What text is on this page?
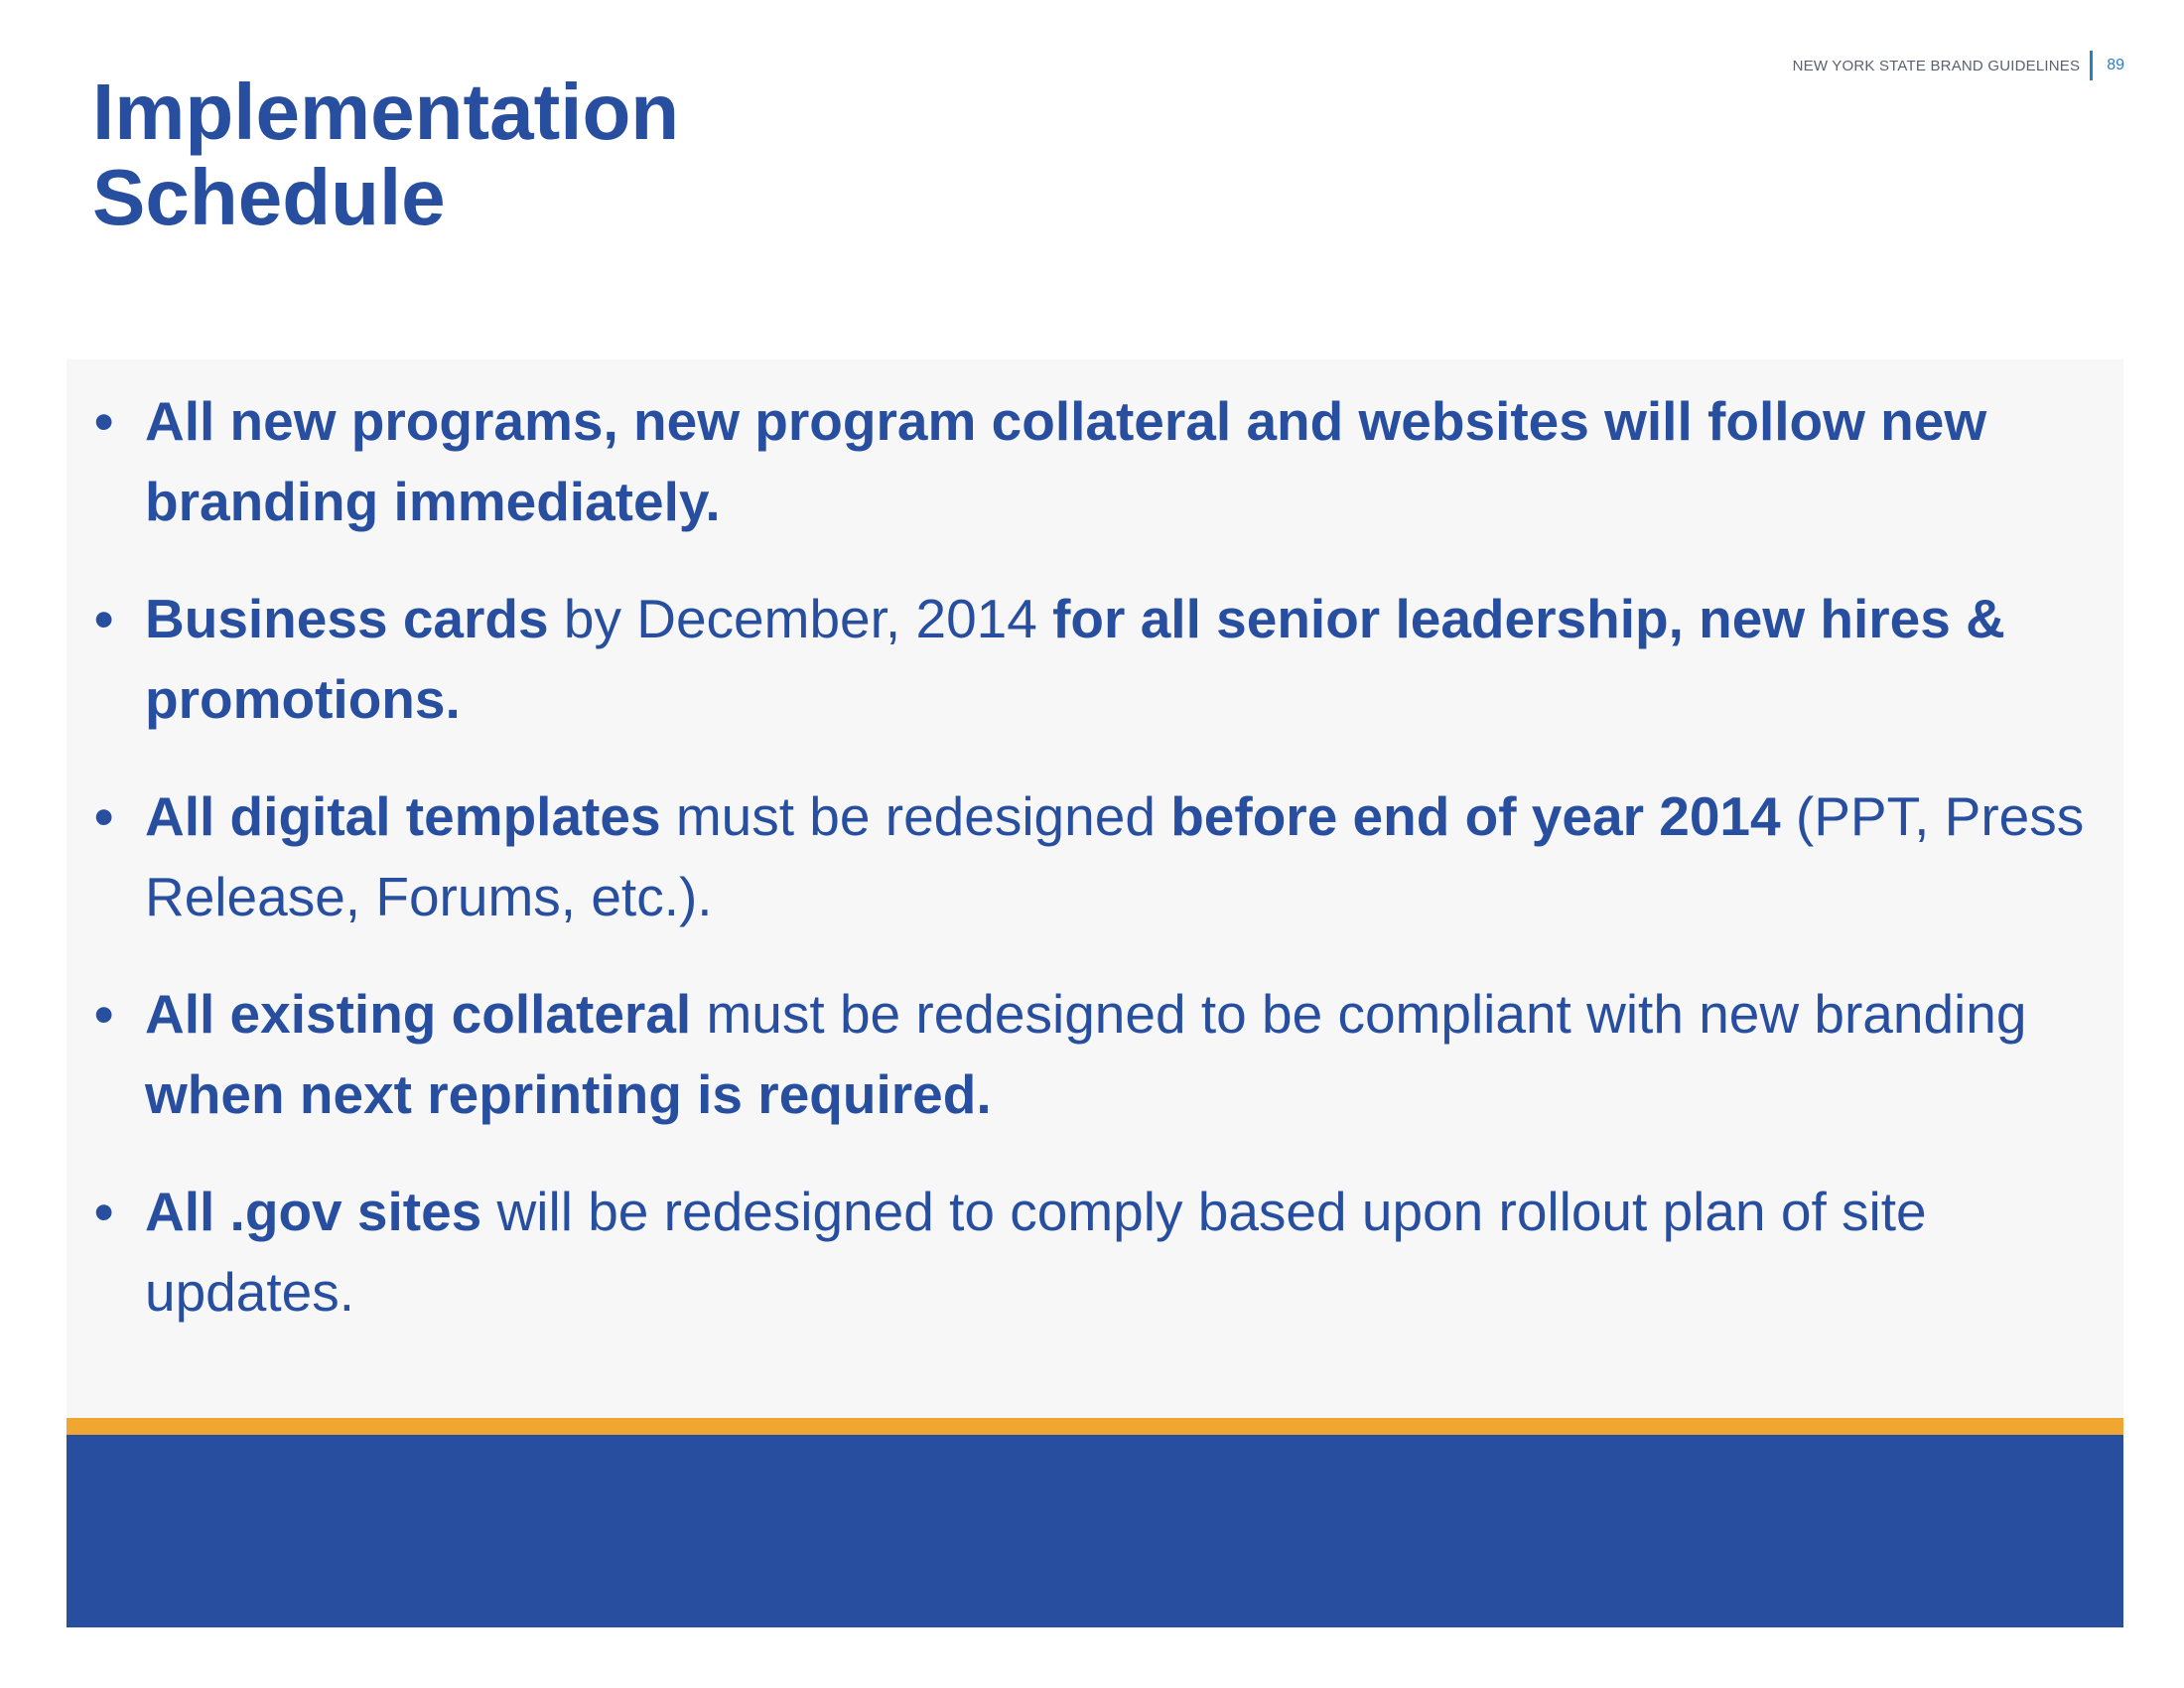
NEW YORK STATE BRAND GUIDELINES 89
Implementation
Schedule
• All new programs, new program collateral and websites will follow new branding immediately.
• Business cards by December, 2014 for all senior leadership, new hires & promotions.
• All digital templates must be redesigned before end of year 2014 (PPT, Press Release, Forums, etc.).
• All existing collateral must be redesigned to be compliant with new branding when next reprinting is required.
• All .gov sites will be redesigned to comply based upon rollout plan of site updates.
